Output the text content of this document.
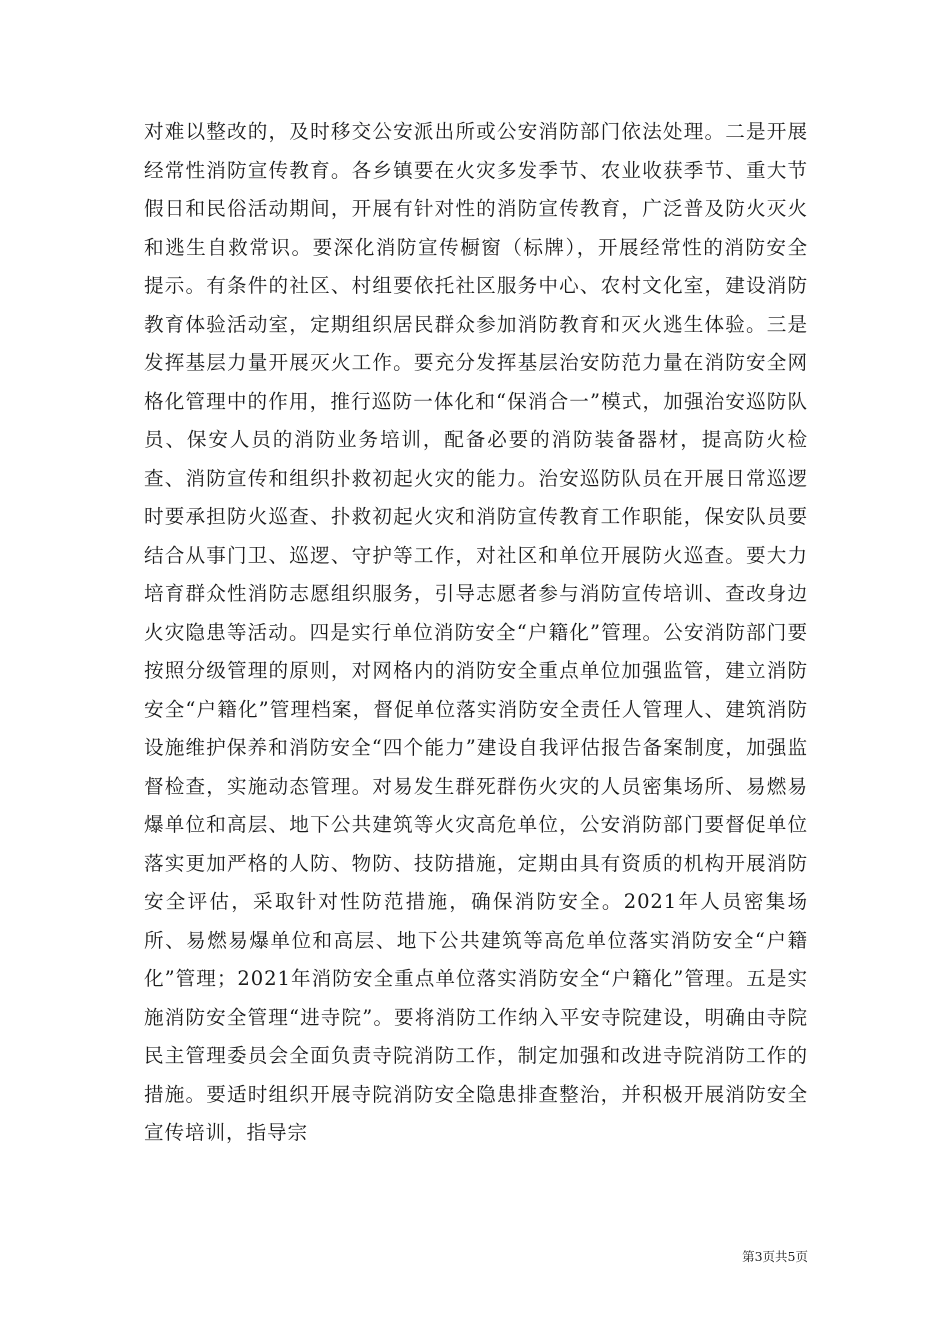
对难以整改的，及时移交公安派出所或公安消防部门依法处理。二是开展经常性消防宣传教育。各乡镇要在火灾多发季节、农业收获季节、重大节假日和民俗活动期间，开展有针对性的消防宣传教育，广泛普及防火灭火和逃生自救常识。要深化消防宣传橱窗（标牌），开展经常性的消防安全提示。有条件的社区、村组要依托社区服务中心、农村文化室，建设消防教育体验活动室，定期组织居民群众参加消防教育和灭火逃生体验。三是发挥基层力量开展灭火工作。要充分发挥基层治安防范力量在消防安全网格化管理中的作用，推行巡防一体化和“保消合一”模式，加强治安巡防队员、保安人员的消防业务培训，配备必要的消防装备器材，提高防火检查、消防宣传和组织扑救初起火灾的能力。治安巡防队员在开展日常巡逻时要承担防火巡查、扑救初起火灾和消防宣传教育工作职能，保安队员要结合从事门卫、巡逻、守护等工作，对社区和单位开展防火巡查。要大力培育群众性消防志愿组织服务，引导志愿者参与消防宣传培训、查改身边火灾隐患等活动。四是实行单位消防安全“户籍化”管理。公安消防部门要按照分级管理的原则，对网格内的消防安全重点单位加强监管，建立消防安全“户籍化”管理档案，督促单位落实消防安全责任人管理人、建筑消防设施维护保养和消防安全“四个能力”建设自我评估报告备案制度，加强监督检查，实施动态管理。对易发生群死群伤火灾的人员密集场所、易燃易爆单位和高层、地下公共建筑等火灾高危单位，公安消防部门要督促单位落实更加严格的人防、物防、技防措施，定期由具有资质的机构开展消防安全评估，采取针对性防范措施，确保消防安全。2021年人员密集场所、易燃易爆单位和高层、地下公共建筑等高危单位落实消防安全“户籍化”管理；2021年消防安全重点单位落实消防安全“户籍化”管理。五是实施消防安全管理“进寺院”。要将消防工作纳入平安寺院建设，明确由寺院民主管理委员会全面负责寺院消防工作，制定加强和改进寺院消防工作的措施。要适时组织开展寺院消防安全隐患排查整治，并积极开展消防安全宣传培训，指导宗

第3页共5页
